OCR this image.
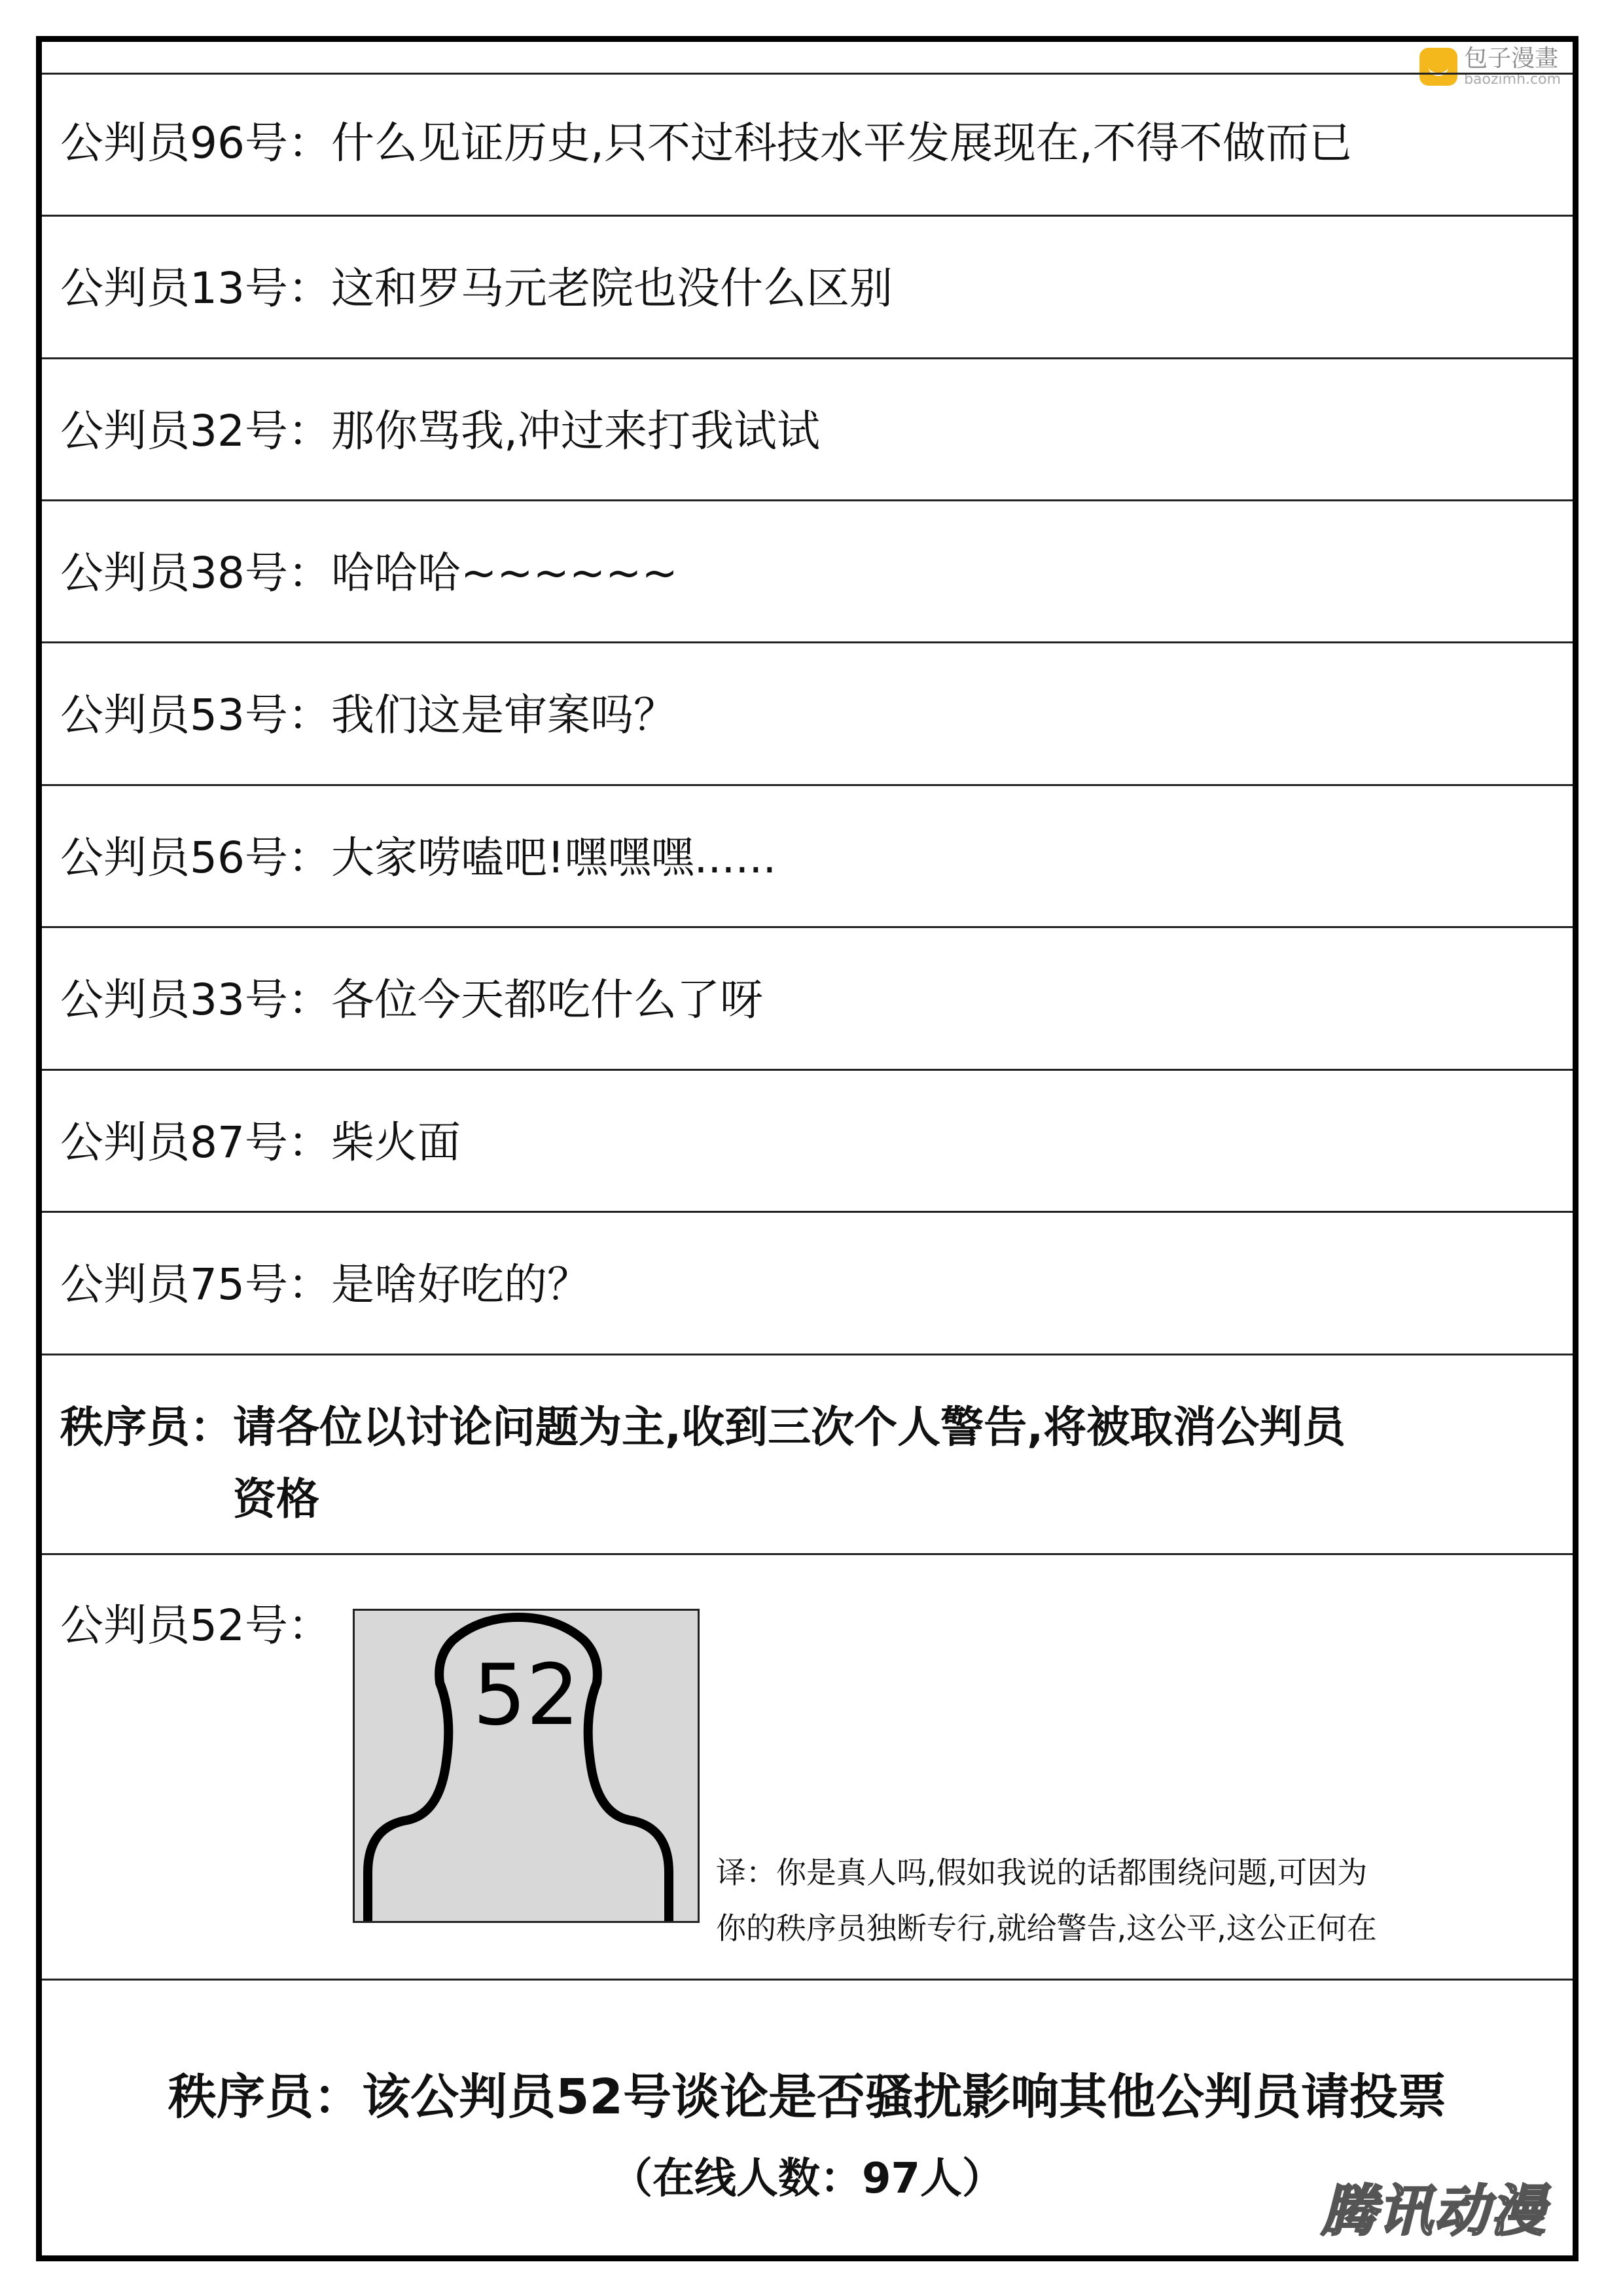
包子漫畫
baozimh.com
公判员96号：什么见证历史,只不过科技水平发展现在,不得不做而已
公判员13号：这和罗马元老院也没什么区别
公判员32号：那你骂我,冲过来打我试试
公判员38号：哈哈哈~~~~~~
公判员53号：我们这是审案吗？
公判员56号：大家唠嗑吧!嘿嘿嘿......
公判员33号：各位今天都吃什么了呀
公判员87号：柴火面
公判员75号：是啥好吃的？
秩序员：请各位以讨论问题为主,收到三次个人警告,将被取消公判员
资格
公判员52号：
52
译：你是真人吗,假如我说的话都围绕问题,可因为
你的秩序员独断专行,就给警告,这公平,这公正何在
秩序员：该公判员52号谈论是否骚扰影响其他公判员请投票
（在线人数：97人）	腾讯动漫
